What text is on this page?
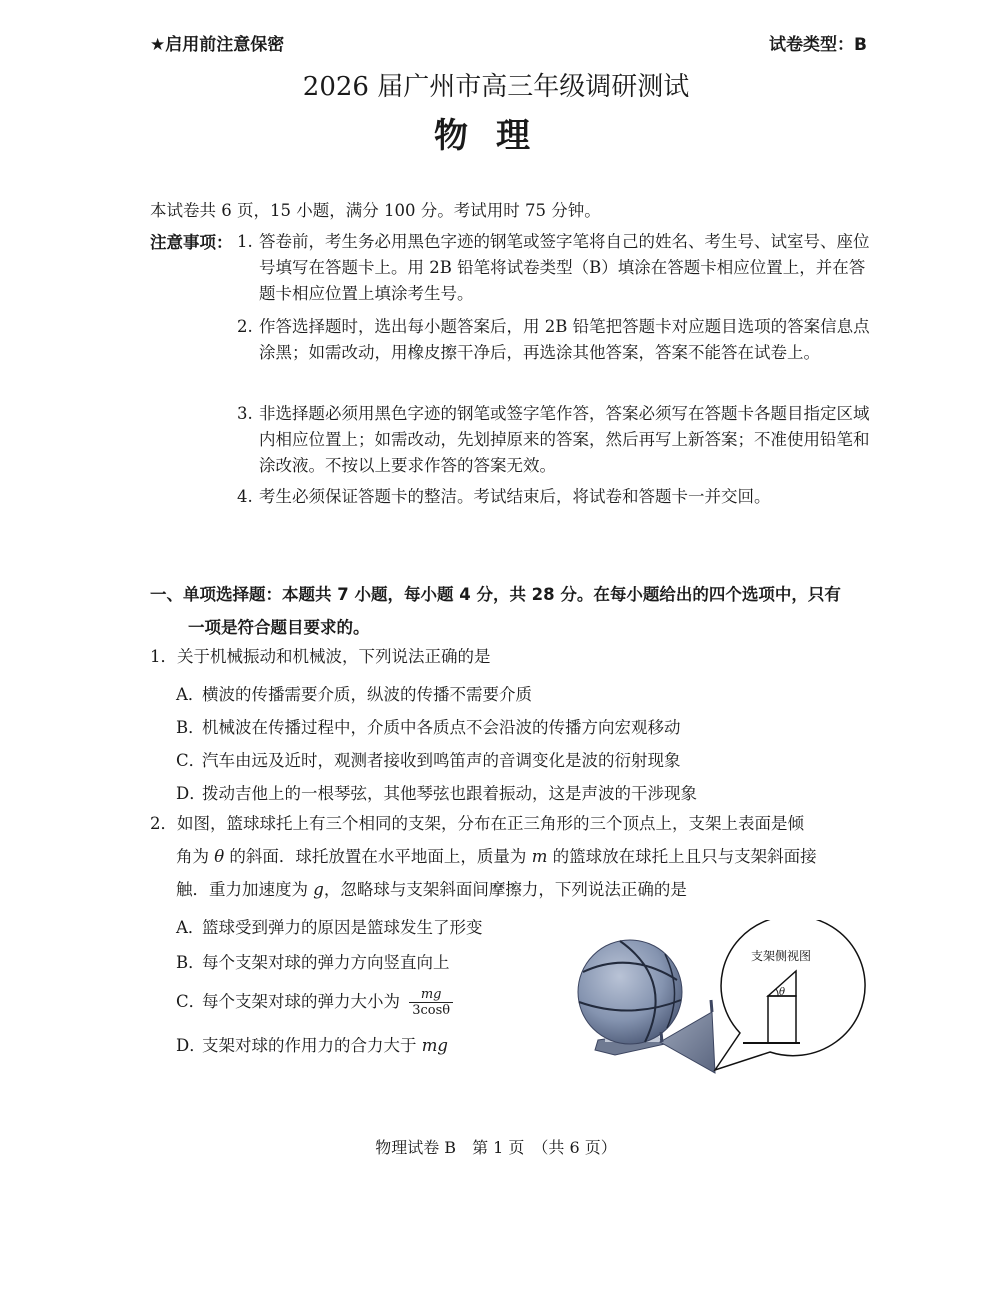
★启用前注意保密	试卷类型：B
2026 届广州市高三年级调研测试
物理
本试卷共 6 页，15 小题，满分 100 分。考试用时 75 分钟。
注意事项： 1. 答卷前，考生务必用黑色字迹的钢笔或签字笔将自己的姓名、考生号、试室号、座位号填写在答题卡上。用 2B 铅笔将试卷类型（B）填涂在答题卡相应位置上，并在答题卡相应位置上填涂考生号。
2. 作答选择题时，选出每小题答案后，用 2B 铅笔把答题卡对应题目选项的答案信息点涂黑；如需改动，用橡皮擦干净后，再选涂其他答案，答案不能答在试卷上。
3. 非选择题必须用黑色字迹的钢笔或签字笔作答，答案必须写在答题卡各题目指定区域内相应位置上；如需改动，先划掉原来的答案，然后再写上新答案；不准使用铅笔和涂改液。不按以上要求作答的答案无效。
4. 考生必须保证答题卡的整洁。考试结束后，将试卷和答题卡一并交回。
一、单项选择题：本题共 7 小题，每小题 4 分，共 28 分。在每小题给出的四个选项中，只有
一项是符合题目要求的。
1．关于机械振动和机械波，下列说法正确的是
A．横波的传播需要介质，纵波的传播不需要介质
B．机械波在传播过程中，介质中各质点不会沿波的传播方向宏观移动
C．汽车由远及近时，观测者接收到鸣笛声的音调变化是波的衍射现象
D．拨动吉他上的一根琴弦，其他琴弦也跟着振动，这是声波的干涉现象
2．如图，篮球球托上有三个相同的支架，分布在正三角形的三个顶点上，支架上表面是倾
角为 θ 的斜面．球托放置在水平地面上，质量为 m 的篮球放在球托上且只与支架斜面接
触．重力加速度为 g，忽略球与支架斜面间摩擦力，下列说法正确的是
A．篮球受到弹力的原因是篮球发生了形变
B．每个支架对球的弹力方向竖直向上
C．每个支架对球的弹力大小为 $\frac{mg}{3\cos\theta}$
D．支架对球的作用力的合力大于 mg
支架侧视图
θ
物理试卷 B　第 1 页　（共 6 页）
